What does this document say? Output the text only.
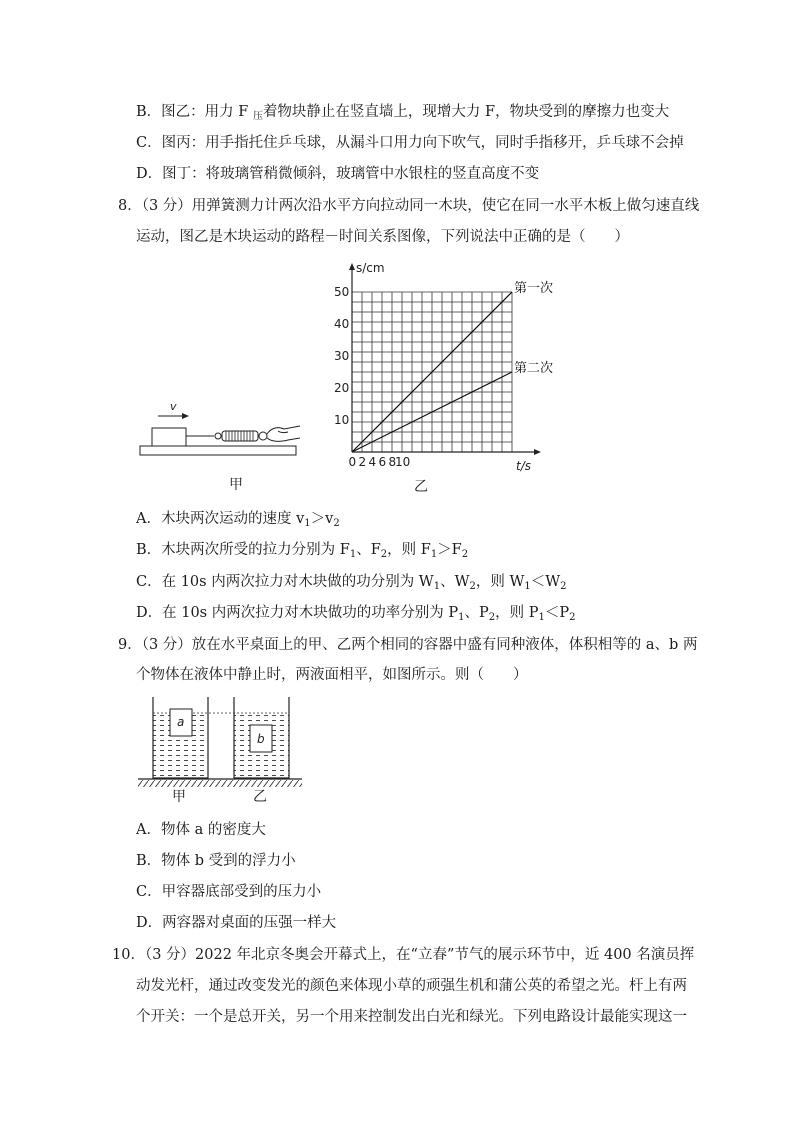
B．图乙：用力 F $_压$着物块静止在竖直墙上，现增大力 F，物块受到的摩擦力也变大
C．图丙：用手指托住乒乓球，从漏斗口用力向下吹气，同时手指移开，乒乓球不会掉
D．图丁：将玻璃管稍微倾斜，玻璃管中水银柱的竖直高度不变
8．（3 分）用弹簧测力计两次沿水平方向拉动同一木块，使它在同一水平木板上做匀速直线
运动，图乙是木块运动的路程－时间关系图像，下列说法中正确的是（　　）
v
甲
s/cm
t/s
0 2 4 6 8
10
10
20
30
40
50	第一次
第二次
乙
A．木块两次运动的速度 $v_1>v_2$
B．木块两次所受的拉力分别为 $F_1$、$F_2$，则 $F_1>F_2$
C．在 10s 内两次拉力对木块做的功分别为 $W_1$、$W_2$，则 $W_1<W_2$
D．在 10s 内两次拉力对木块做功的功率分别为 $P_1$、$P_2$，则 $P_1<P_2$
9．（3 分）放在水平桌面上的甲、乙两个相同的容器中盛有同种液体，体积相等的 a、b 两
个物体在液体中静止时，两液面相平，如图所示。则（　　）
a
b
甲	乙
A．物体 a 的密度大
B．物体 b 受到的浮力小
C．甲容器底部受到的压力小
D．两容器对桌面的压强一样大
10．（3 分）2022 年北京冬奥会开幕式上，在“立春”节气的展示环节中，近 400 名演员挥
动发光杆，通过改变发光的颜色来体现小草的顽强生机和蒲公英的希望之光。杆上有两
个开关：一个是总开关，另一个用来控制发出白光和绿光。下列电路设计最能实现这一
